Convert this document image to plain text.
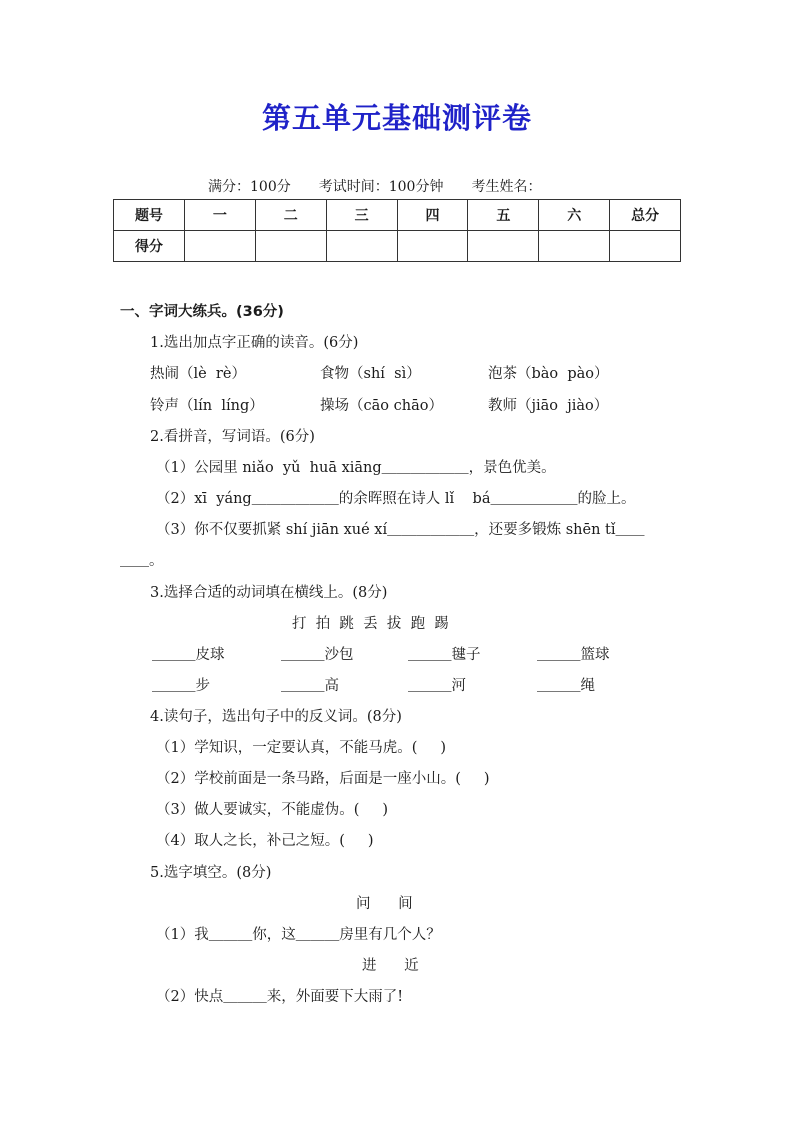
第五单元基础测评卷
满分：100分 考试时间：100分钟 考生姓名：
题号	一	二	三	四	五	六	总分
得分							
一、字词大练兵。(36分)
1.选出加点字正确的读音。(6分)
热闹（lè  rè）	食物（shí  sì）	泡茶（bào  pào）
铃声（lín  líng）	操场（cāo chāo）	教师（jiāo  jiào）
2.看拼音，写词语。(6分)
（1）公园里 niǎo  yǔ  huā xiāng＿＿＿＿＿＿，景色优美。
（2）xī  yáng＿＿＿＿＿＿的余晖照在诗人 lǐ    bá＿＿＿＿＿＿的脸上。
（3）你不仅要抓紧 shí jiān xué xí＿＿＿＿＿＿，还要多锻炼 shēn tǐ＿＿
＿＿。
3.选择合适的动词填在横线上。(8分)
打  拍  跳  丢  拔  跑  踢
＿＿＿皮球	＿＿＿沙包	＿＿＿毽子	＿＿＿篮球
＿＿＿步	＿＿＿高	＿＿＿河	＿＿＿绳
4.读句子，选出句子中的反义词。(8分)
（1）学知识，一定要认真，不能马虎。(     )
（2）学校前面是一条马路，后面是一座小山。(     )
（3）做人要诚实，不能虚伪。(     )
（4）取人之长，补己之短。(     )
5.选字填空。(8分)
问      间
（1）我＿＿＿你，这＿＿＿房里有几个人？
进      近
（2）快点＿＿＿来，外面要下大雨了!
